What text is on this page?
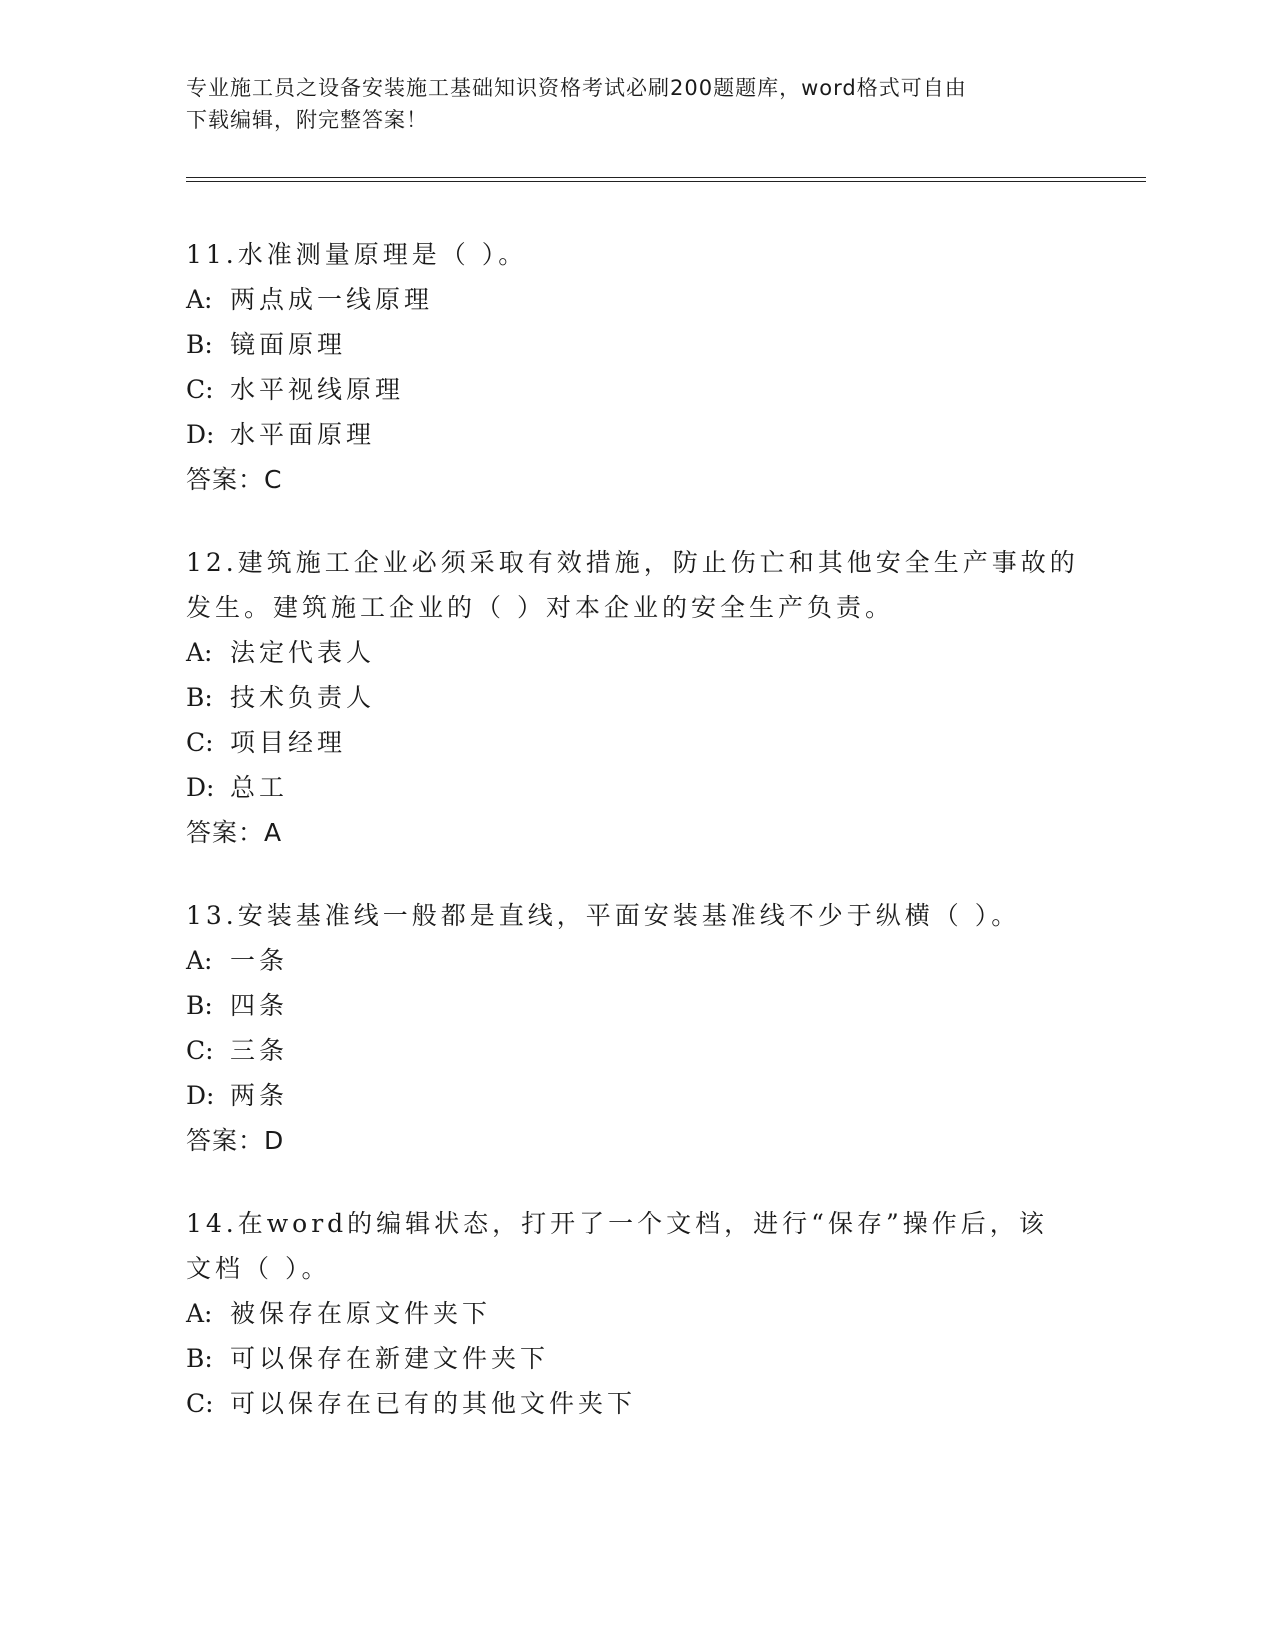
专业施工员之设备安装施工基础知识资格考试必刷200题题库，word格式可自由
下载编辑，附完整答案！
11.水准测量原理是（ ）。
A: 两点成一线原理
B: 镜面原理
C: 水平视线原理
D: 水平面原理
答案：C
12.建筑施工企业必须采取有效措施，防止伤亡和其他安全生产事故的
发生。建筑施工企业的（ ）对本企业的安全生产负责。
A: 法定代表人
B: 技术负责人
C: 项目经理
D: 总工
答案：A
13.安装基准线一般都是直线，平面安装基准线不少于纵横（ ）。
A: 一条
B: 四条
C: 三条
D: 两条
答案：D
14.在word的编辑状态，打开了一个文档，进行“保存”操作后，该
文档（ ）。
A: 被保存在原文件夹下
B: 可以保存在新建文件夹下
C: 可以保存在已有的其他文件夹下
